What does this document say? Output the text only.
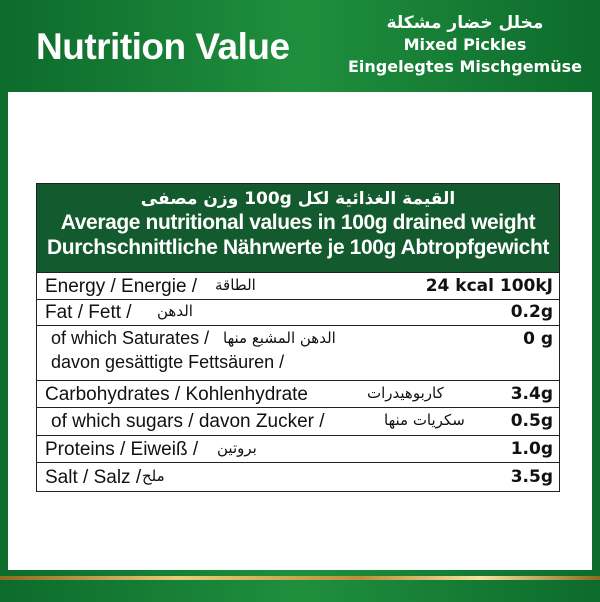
Nutrition Value
مخلل خضار مشكلة
Mixed Pickles
Eingelegtes Mischgemüse
القيمة الغذائية لكل 100g وزن مصفى
Average nutritional values in 100g drained weight
Durchschnittliche Nährwerte je 100g Abtropfgewicht
Energy / Energie / الطاقة	24 kcal 100kJ
Fat / Fett / الدهن	0.2g
of which Saturates /
davon gesättigte Fettsäuren /
الدهن المشبع منها	0 g
Carbohydrates / Kohlenhydrate	كاربوهيدرات	3.4g
of which sugars / davon Zucker /	سكريات منها	0.5g
Proteins / Eiweiß / بروتين	1.0g
Salt / Salz / ملح	3.5g
